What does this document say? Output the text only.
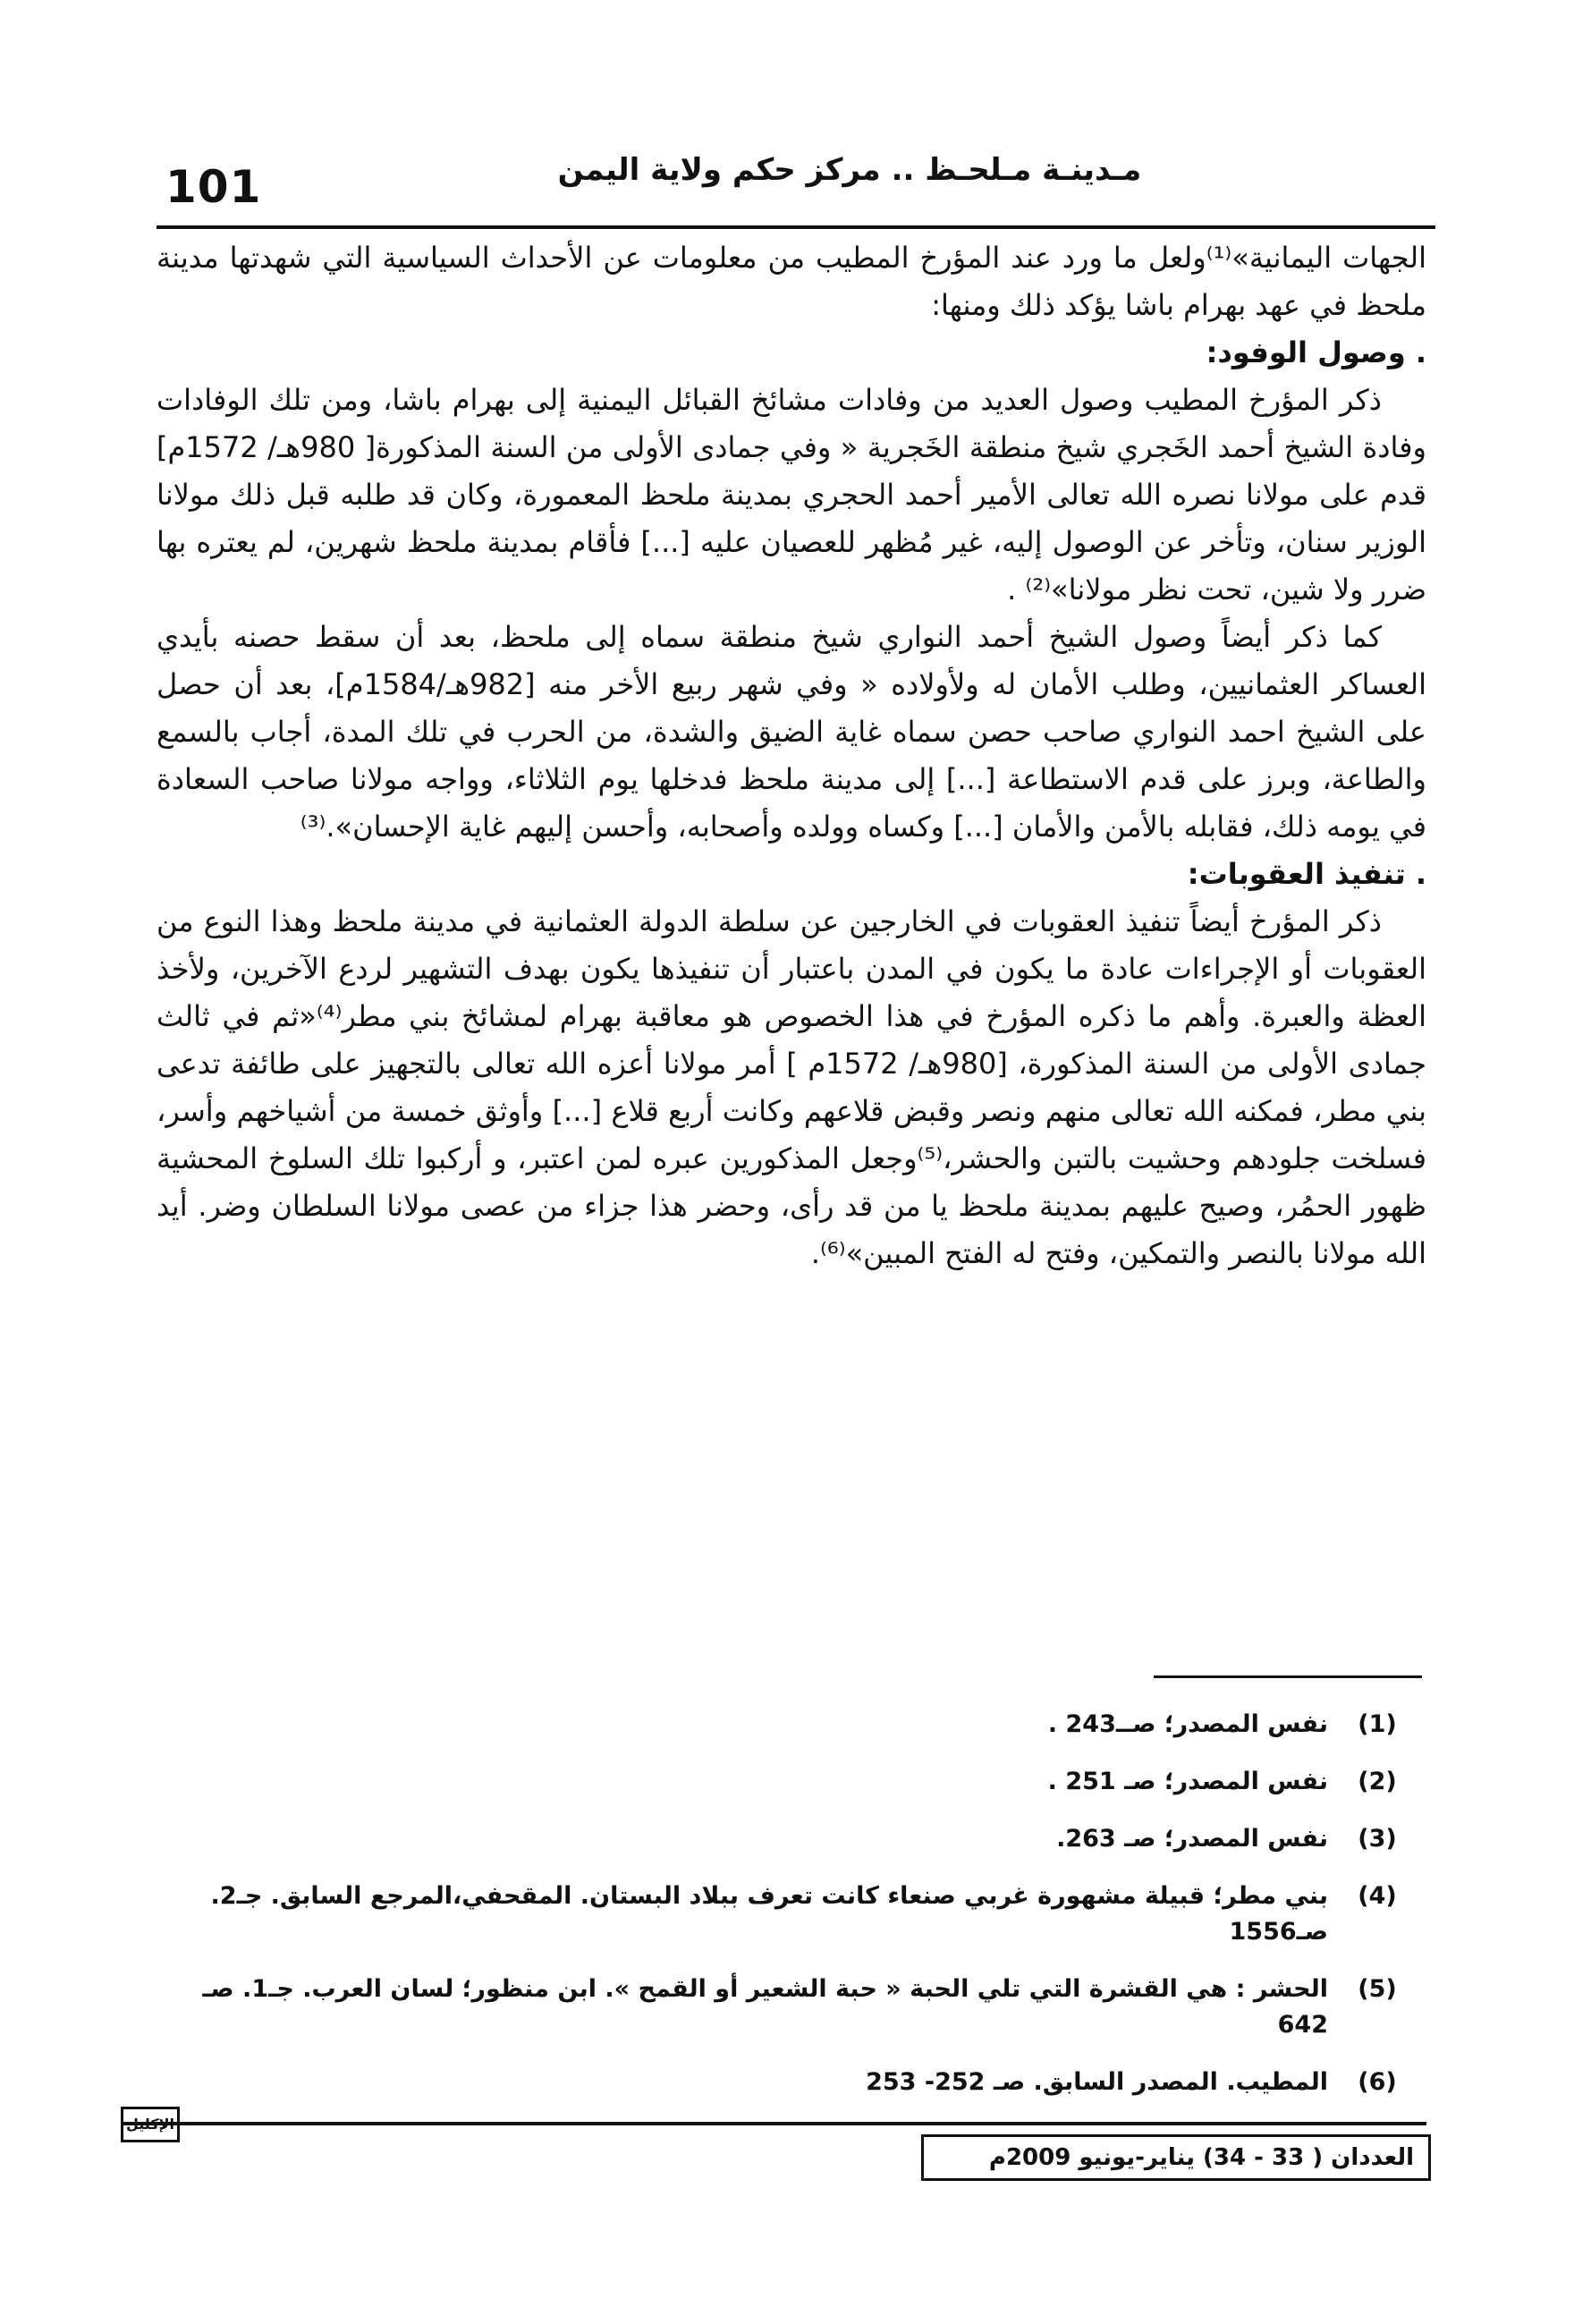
101	مـدينـة مـلحـظ .. مركز حكم ولاية اليمن

الجهات اليمانية»⁽¹⁾ولعل ما ورد عند المؤرخ المطيب من معلومات عن الأحداث السياسية التي شهدتها مدينة ملحظ في عهد بهرام باشا يؤكد ذلك ومنها:

. وصول الوفود:

ذكر المؤرخ المطيب وصول العديد من وفادات مشائخ القبائل اليمنية إلى بهرام باشا، ومن تلك الوفادات وفادة الشيخ أحمد الخَجري شيخ منطقة الخَجرية « وفي جمادى الأولى من السنة المذكورة[ 980هـ/ 1572م] قدم على مولانا نصره الله تعالى الأمير أحمد الحجري بمدينة ملحظ المعمورة، وكان قد طلبه قبل ذلك مولانا الوزير سنان، وتأخر عن الوصول إليه، غير مُظهر للعصيان عليه [...] فأقام بمدينة ملحظ شهرين، لم يعتره بها ضرر ولا شين، تحت نظر مولانا»⁽²⁾ .

كما ذكر أيضاً وصول الشيخ أحمد النواري شيخ منطقة سماه إلى ملحظ، بعد أن سقط حصنه بأيدي العساكر العثمانيين، وطلب الأمان له ولأولاده « وفي شهر ربيع الأخر منه [982هـ/1584م]، بعد أن حصل على الشيخ احمد النواري صاحب حصن سماه غاية الضيق والشدة، من الحرب في تلك المدة، أجاب بالسمع والطاعة، وبرز على قدم الاستطاعة [...] إلى مدينة ملحظ فدخلها يوم الثلاثاء، وواجه مولانا صاحب السعادة في يومه ذلك، فقابله بالأمن والأمان [...] وكساه وولده وأصحابه، وأحسن إليهم غاية الإحسان».⁽³⁾

. تنفيذ العقوبات:

ذكر المؤرخ أيضاً تنفيذ العقوبات في الخارجين عن سلطة الدولة العثمانية في مدينة ملحظ وهذا النوع من العقوبات أو الإجراءات عادة ما يكون في المدن باعتبار أن تنفيذها يكون بهدف التشهير لردع الآخرين، ولأخذ العظة والعبرة. وأهم ما ذكره المؤرخ في هذا الخصوص هو معاقبة بهرام لمشائخ بني مطر⁽⁴⁾«ثم في ثالث جمادى الأولى من السنة المذكورة، [980هـ/ 1572م ] أمر مولانا أعزه الله تعالى بالتجهيز على طائفة تدعى بني مطر، فمكنه الله تعالى منهم ونصر وقبض قلاعهم وكانت أربع قلاع [...] وأوثق خمسة من أشياخهم وأسر، فسلخت جلودهم وحشيت بالتبن والحشر،⁽⁵⁾وجعل المذكورين عبره لمن اعتبر، و أركبوا تلك السلوخ المحشية ظهور الحمُر، وصيح عليهم بمدينة ملحظ يا من قد رأى، وحضر هذا جزاء من عصى مولانا السلطان وضر. أيد الله مولانا بالنصر والتمكين، وفتح له الفتح المبين»⁽⁶⁾.

(1)
نفس المصدر؛ صــ243 .
(2)
نفس المصدر؛ صـ 251 .
(3)
نفس المصدر؛ صـ 263.
(4)
بني مطر؛ قبيلة مشهورة غربي صنعاء كانت تعرف ببلاد البستان. المقحفي،المرجع السابق. جـ2. صـ1556
(5)
الحشر : هي القشرة التي تلي الحبة « حبة الشعير أو القمح ». ابن منظور؛ لسان العرب. جـ1. صـ 642
(6)
المطيب. المصدر السابق. صـ 252- 253
الإكليل
العددان ( 33 - 34) يناير-يونيو 2009م
